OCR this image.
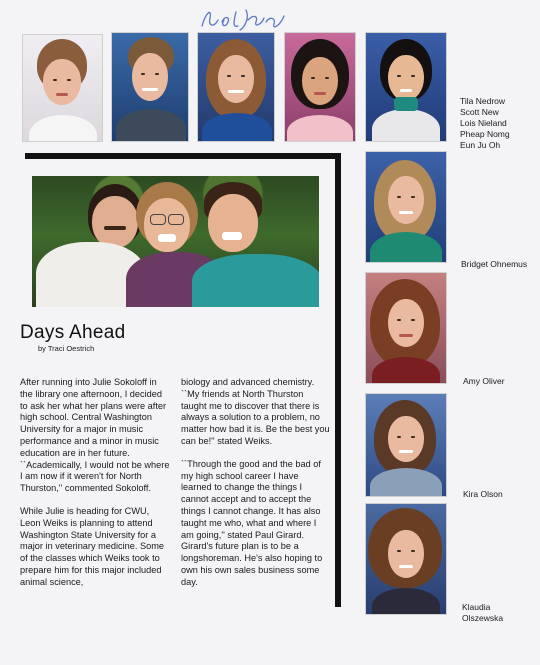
Tila Nedrow
Scott New
Lois Nieland
Pheap Nomg
Eun Ju Oh
Bridget Ohnemus
Amy Oliver
Kira Olson
Klaudia
Olszewska
Days Ahead
by Traci Oestrich

After running into Julie Sokoloff in the library one afternoon, I decided to ask her what her plans were after high school. Central Washington University for a major in music performance and a minor in music education are in her future. ``Academically, I would not be where I am now if it weren't for North Thurston,'' commented Sokoloff.

While Julie is heading for CWU, Leon Weiks is planning to attend Washington State University for a major in veterinary medicine. Some of the classes which Weiks took to prepare him for this major included animal science,

biology and advanced chemistry. ``My friends at North Thurston taught me to discover that there is always a solution to a problem, no matter how bad it is. Be the best you can be!'' stated Weiks.

``Through the good and the bad of my high school career I have learned to change the things I cannot accept and to accept the things I cannot change. It has also taught me who, what and where I am going,'' stated Paul Girard. Girard's future plan is to be a longshoreman. He's also hoping to own his own sales business some day.
